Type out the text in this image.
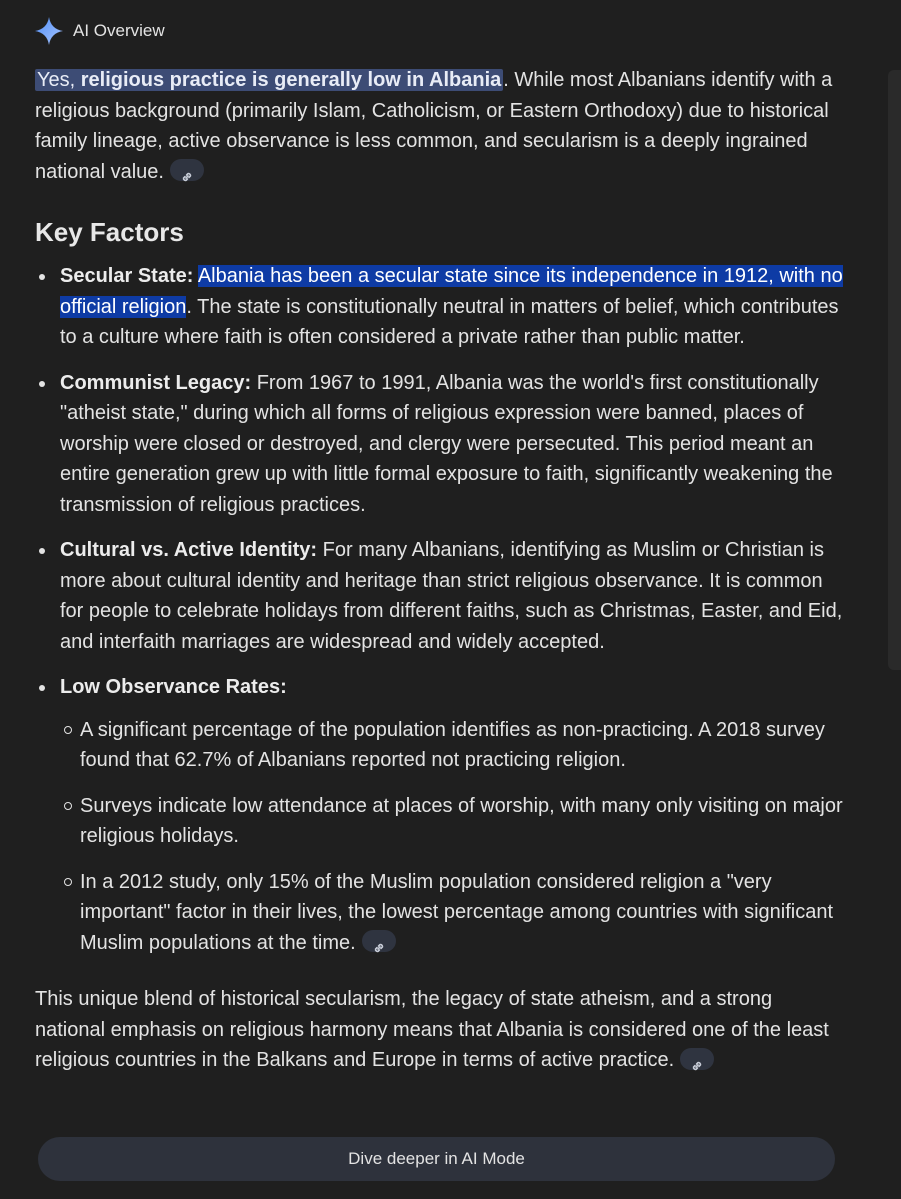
AI Overview

Yes, religious practice is generally low in Albania . While most Albanians identify with a religious background (primarily Islam, Catholicism, or Eastern Orthodoxy) due to historical family lineage, active observance is less common, and secularism is a deeply ingrained national value.

Key Factors
Secular State: Albania has been a secular state since its independence in 1912, with no official religion. The state is constitutionally neutral in matters of belief, which contributes to a culture where faith is often considered a private rather than public matter.
Communist Legacy: From 1967 to 1991, Albania was the world's first constitutionally "atheist state," during which all forms of religious expression were banned, places of worship were closed or destroyed, and clergy were persecuted. This period meant an entire generation grew up with little formal exposure to faith, significantly weakening the transmission of religious practices.
Cultural vs. Active Identity: For many Albanians, identifying as Muslim or Christian is more about cultural identity and heritage than strict religious observance. It is common for people to celebrate holidays from different faiths, such as Christmas, Easter, and Eid, and interfaith marriages are widespread and widely accepted.
Low Observance Rates:
A significant percentage of the population identifies as non-practicing. A 2018 survey found that 62.7% of Albanians reported not practicing religion.
Surveys indicate low attendance at places of worship, with many only visiting on major religious holidays.
In a 2012 study, only 15% of the Muslim population considered religion a "very important" factor in their lives, the lowest percentage among countries with significant Muslim populations at the time.

This unique blend of historical secularism, the legacy of state atheism, and a strong national emphasis on religious harmony means that Albania is considered one of the least religious countries in the Balkans and Europe in terms of active practice.

Dive deeper in AI Mode
